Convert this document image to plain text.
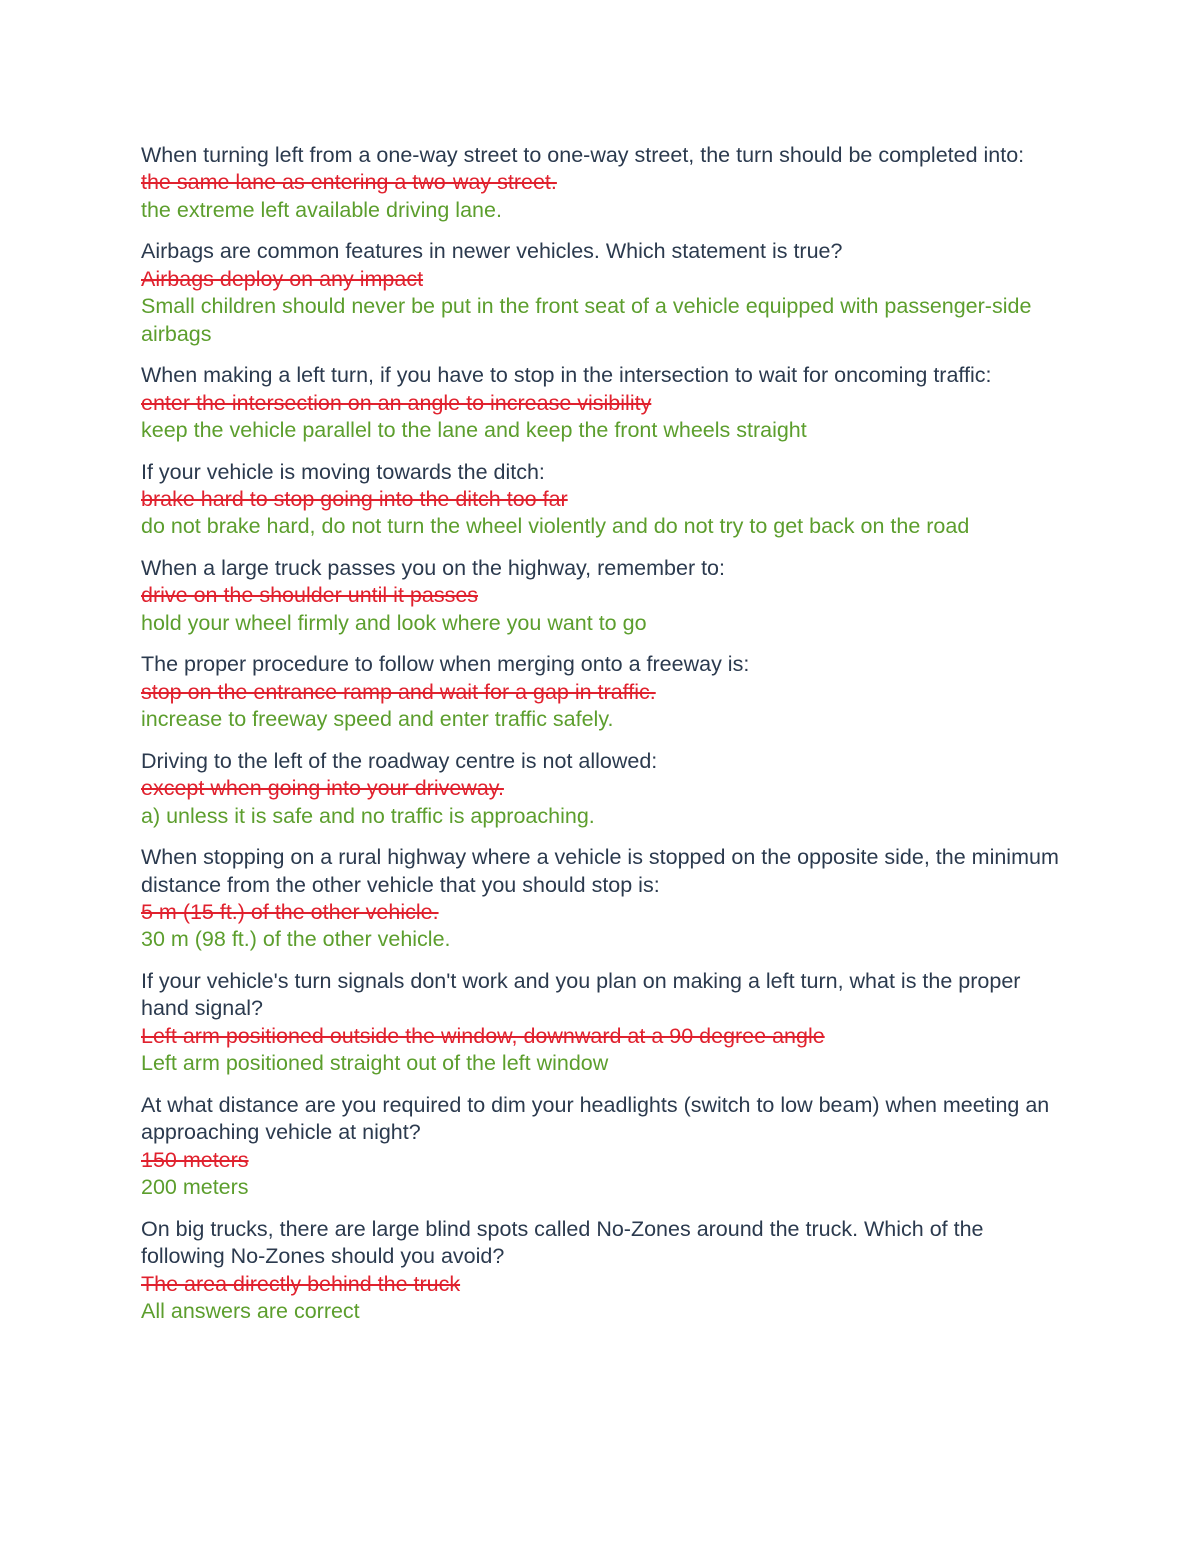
When turning left from a one-way street to one-way street, the turn should be completed into:
the same lane as entering a two-way street.
the extreme left available driving lane.
Airbags are common features in newer vehicles. Which statement is true?
Airbags deploy on any impact
Small children should never be put in the front seat of a vehicle equipped with passenger-side airbags
When making a left turn, if you have to stop in the intersection to wait for oncoming traffic:
enter the intersection on an angle to increase visibility
keep the vehicle parallel to the lane and keep the front wheels straight
If your vehicle is moving towards the ditch:
brake hard to stop going into the ditch too far
do not brake hard, do not turn the wheel violently and do not try to get back on the road
When a large truck passes you on the highway, remember to:
drive on the shoulder until it passes
hold your wheel firmly and look where you want to go
The proper procedure to follow when merging onto a freeway is:
stop on the entrance ramp and wait for a gap in traffic.
increase to freeway speed and enter traffic safely.
Driving to the left of the roadway centre is not allowed:
except when going into your driveway.
a) unless it is safe and no traffic is approaching.
When stopping on a rural highway where a vehicle is stopped on the opposite side, the minimum distance from the other vehicle that you should stop is:
5 m (15 ft.) of the other vehicle.
30 m (98 ft.) of the other vehicle.
If your vehicle's turn signals don't work and you plan on making a left turn, what is the proper hand signal?
Left arm positioned outside the window, downward at a 90 degree angle
Left arm positioned straight out of the left window
At what distance are you required to dim your headlights (switch to low beam) when meeting an approaching vehicle at night?
150 meters
200 meters
On big trucks, there are large blind spots called No-Zones around the truck. Which of the following No-Zones should you avoid?
The area directly behind the truck
All answers are correct
